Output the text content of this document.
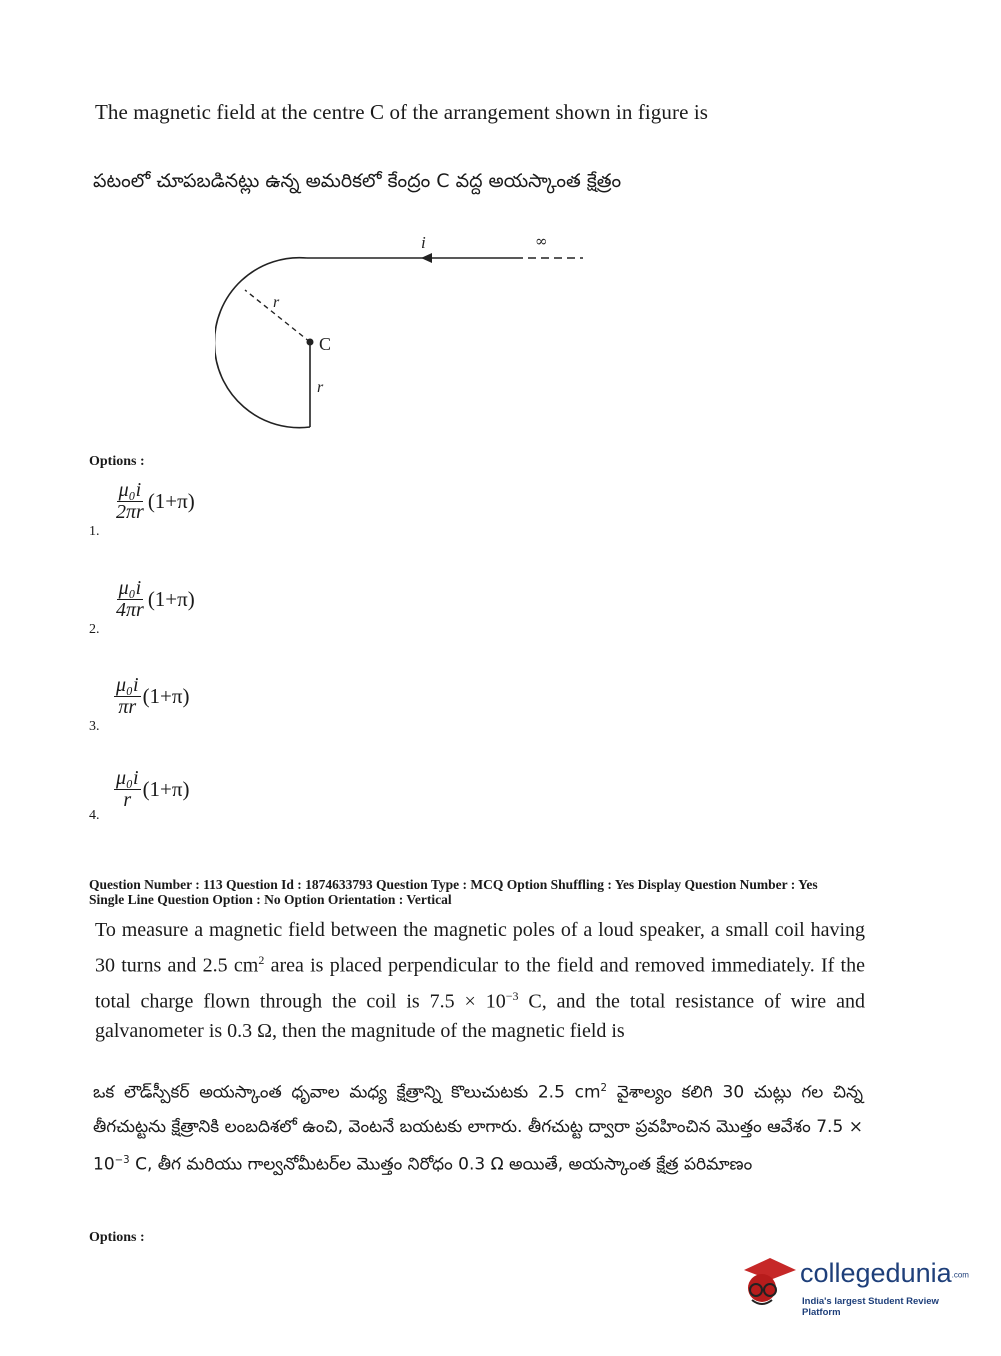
The magnetic field at the centre C of the arrangement shown in figure is
పటంలో చూపబడినట్లు ఉన్న అమరికలో కేంద్రం C వద్ద అయస్కాంత క్షేత్రం
i	∞
r
C
r
Options :
$\frac{\text{μ₀i}}{2\pi r} (1+\pi)$
1.
$\frac{\text{μ₀i}}{4\pi r} (1+\pi)$
2.
$\frac{\text{μ₀i}}{\pi r} (1+\pi)$
3.
$\frac{\text{μ₀i}}{r} (1+\pi)$
4.
Question Number : 113 Question Id : 1874633793 Question Type : MCQ Option Shuffling : Yes Display Question Number : Yes
Single Line Question Option : No Option Orientation : Vertical
To measure a magnetic field between the magnetic poles of a loud speaker, a small coil having 30 turns and 2.5 $cm^2$ area is placed perpendicular to the field and removed immediately. If the total charge flown through the coil is $7.5 \times 10^{-3}$ C, and the total resistance of wire and galvanometer is 0.3 Ω, then the magnitude of the magnetic field is
ఒక లౌడ్‌స్పీకర్ అయస్కాంత ధృవాల మధ్య క్షేత్రాన్ని కొలుచుటకు 2.5 $cm^2$ వైశాల్యం కలిగి 30 చుట్లు గల చిన్న తీగచుట్టను క్షేత్రానికి లంబదిశలో ఉంచి, వెంటనే బయటకు లాగారు. తీగచుట్ట ద్వారా ప్రవహించిన మొత్తం ఆవేశం $7.5 \times 10^{-3}$ C, తీగ మరియు గాల్వనోమీటర్‌ల మొత్తం నిరోధం 0.3 Ω అయితే, అయస్కాంత క్షేత్ర పరిమాణం
Options :
collegedunia.com
India's largest Student Review Platform
